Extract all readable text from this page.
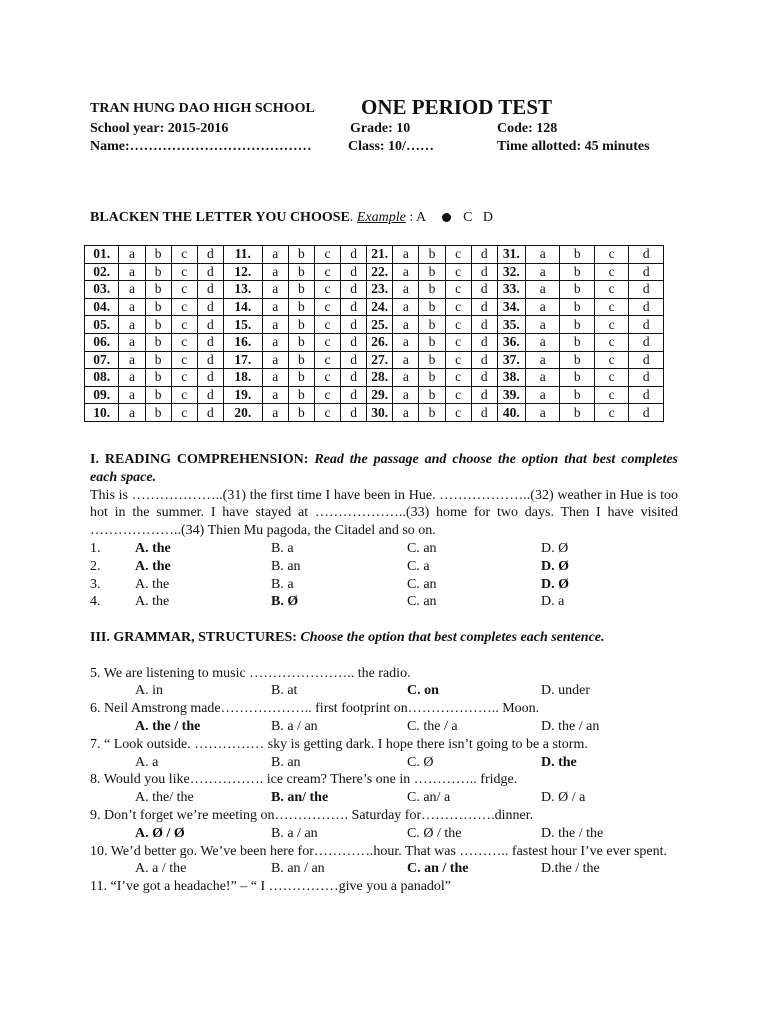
TRAN HUNG DAO HIGH SCHOOL ONE PERIOD TEST
School year: 2015-2016	Grade: 10	Code: 128
Name:…………………………………	Class: 10/……	Time allotted: 45 minutes
BLACKEN THE LETTER YOU CHOOSE. Example : A	C D
01.	a	b	c	d	11.	a	b	c	d	21.	a	b	c	d	31.	a	b	c	d
02.	a	b	c	d	12.	a	b	c	d	22.	a	b	c	d	32.	a	b	c	d
03.	a	b	c	d	13.	a	b	c	d	23.	a	b	c	d	33.	a	b	c	d
04.	a	b	c	d	14.	a	b	c	d	24.	a	b	c	d	34.	a	b	c	d
05.	a	b	c	d	15.	a	b	c	d	25.	a	b	c	d	35.	a	b	c	d
06.	a	b	c	d	16.	a	b	c	d	26.	a	b	c	d	36.	a	b	c	d
07.	a	b	c	d	17.	a	b	c	d	27.	a	b	c	d	37.	a	b	c	d
08.	a	b	c	d	18.	a	b	c	d	28.	a	b	c	d	38.	a	b	c	d
09.	a	b	c	d	19.	a	b	c	d	29.	a	b	c	d	39.	a	b	c	d
10.	a	b	c	d	20.	a	b	c	d	30.	a	b	c	d	40.	a	b	c	d
I. READING COMPREHENSION: Read the passage and choose the option that best completes each space.
This is ………………..(31) the first time I have been in Hue. ………………..(32) weather in Hue is too hot in the summer. I have stayed at ………………..(33) home for two days. Then I have visited ………………..(34) Thien Mu pagoda, the Citadel and so on.
1. A. the	B. a	C. an	D. Ø
2. A. the	B. an	C. a	D. Ø
3. A. the	B. a	C. an	D. Ø
4. A. the	B. Ø	C. an	D. a
III. GRAMMAR, STRUCTURES: Choose the option that best completes each sentence.
5. We are listening to music ………………….. the radio.
A. in	B. at	C. on	D. under
6. Neil Amstrong made……………….. first footprint on……………….. Moon.
A. the / the	B. a / an	C. the / a	D. the / an
7. “ Look outside. …………… sky is getting dark. I hope there isn’t going to be a storm.
A. a	B. an	C. Ø	D. the
8. Would you like……………. ice cream? There’s one in ………….. fridge.
A. the/ the	B. an/ the	C. an/ a	D. Ø / a
9. Don’t forget we’re meeting on……………. Saturday for…………….dinner.
A. Ø / Ø	B. a / an	C. Ø / the	D. the / the
10. We’d better go. We’ve been here for………….hour. That was ……….. fastest hour I’ve ever spent.
A. a / the	B. an / an	C. an / the	D.the / the
11. “I’ve got a headache!” – “ I ……………give you a panadol”
